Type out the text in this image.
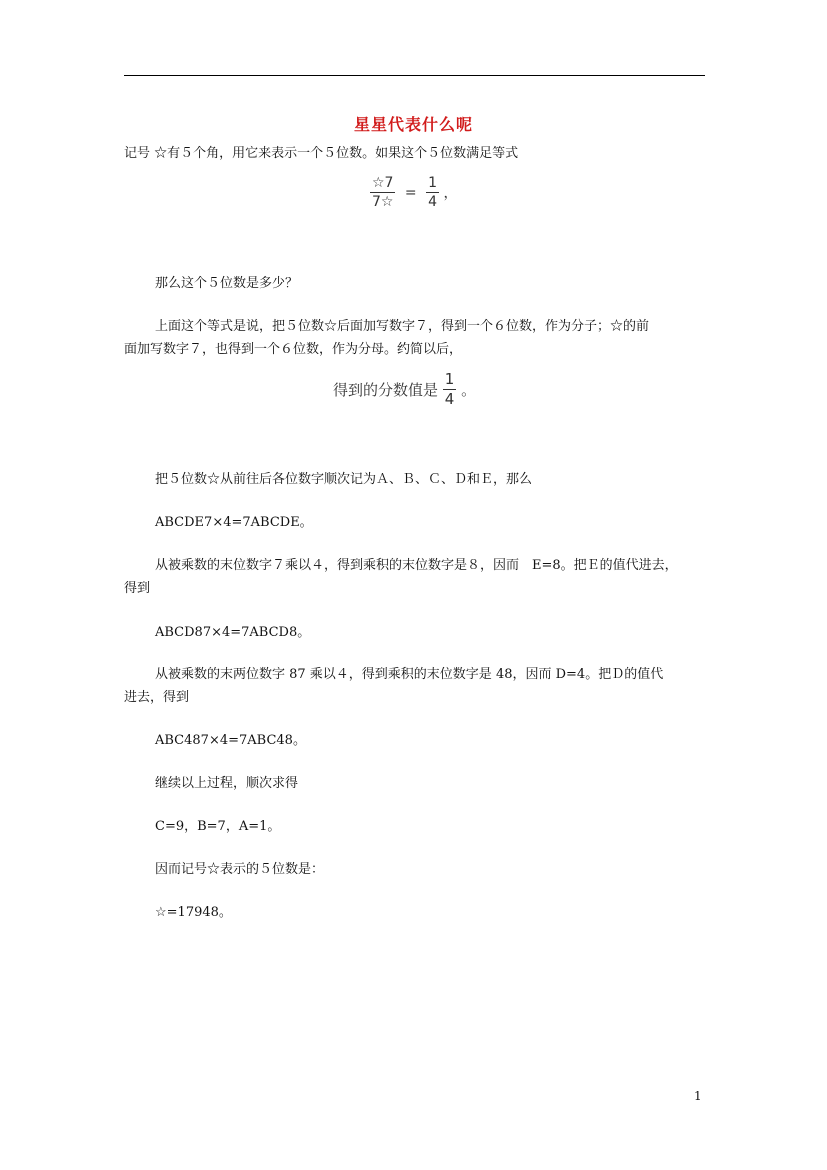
星星代表什么呢
记号 ☆有５个角，用它来表示一个５位数。如果这个５位数满足等式
$\frac{☆7}{7☆} = \frac{1}{4}$ ，
那么这个５位数是多少？
上面这个等式是说，把５位数☆后面加写数字７，得到一个６位数，作为分子；☆的前
面加写数字７，也得到一个６位数，作为分母。约简以后，
得到的分数值是 $\frac{1}{4}$ 。
把５位数☆从前往后各位数字顺次记为Ａ、Ｂ、Ｃ、Ｄ和Ｅ，那么
ABCDE7×4=7ABCDE。
从被乘数的末位数字７乘以４，得到乘积的末位数字是８，因而　E=8。把Ｅ的值代进去，
得到
ABCD87×4=7ABCD8。
从被乘数的末两位数字 87 乘以４，得到乘积的末位数字是 48，因而 D=4。把Ｄ的值代
进去，得到
ABC487×4=7ABC48。
继续以上过程，顺次求得
C=9，B=7，A=1。
因而记号☆表示的５位数是：
☆=17948。
1
